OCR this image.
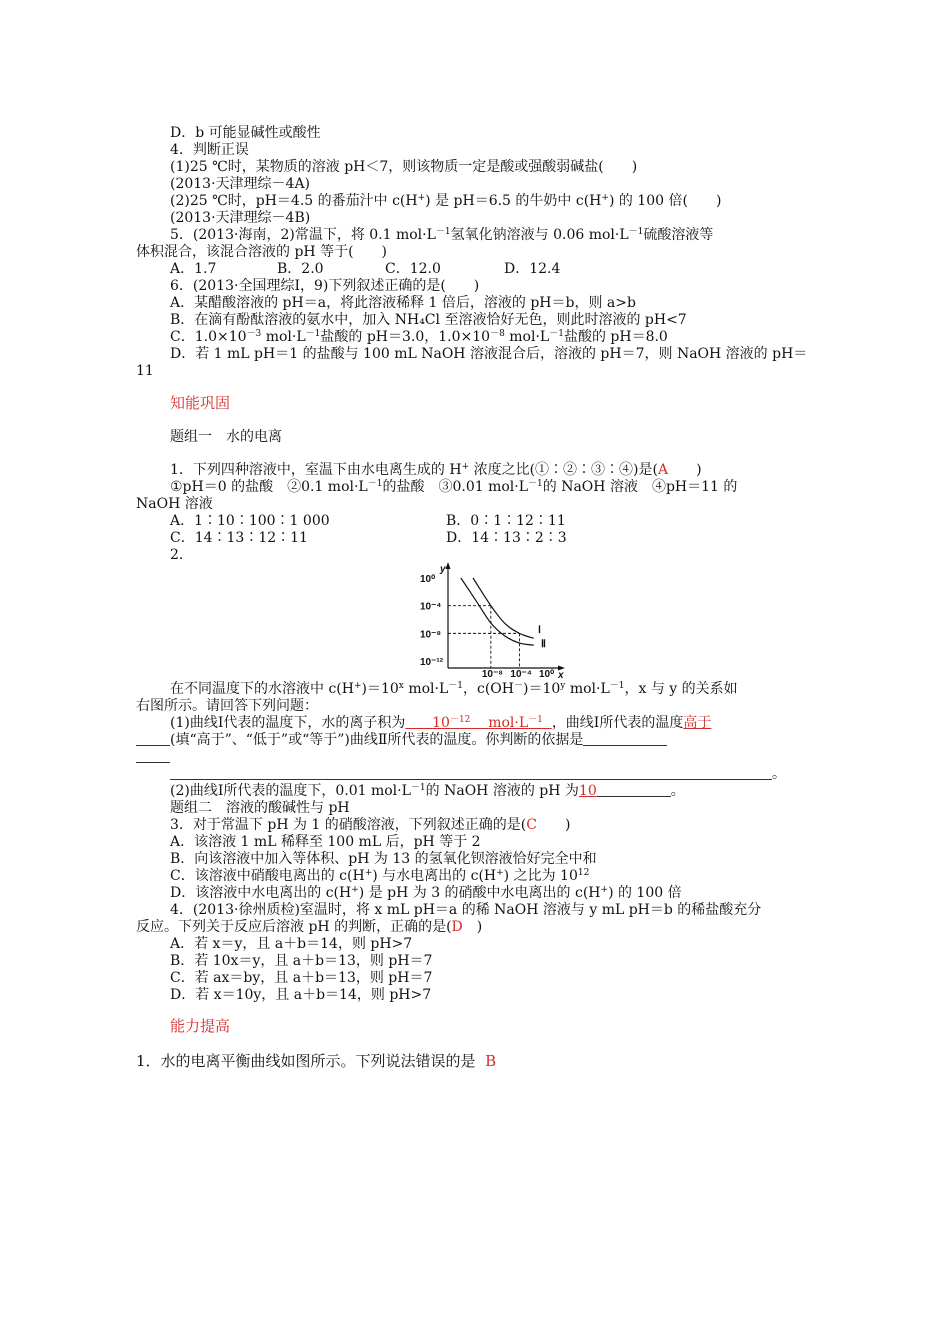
D．b 可能显碱性或酸性
4．判断正误
(1)25 ℃时，某物质的溶液 pH＜7，则该物质一定是酸或强酸弱碱盐(　　)
(2013·天津理综－4A)
(2)25 ℃时，pH＝4.5 的番茄汁中 c(H+) 是 pH＝6.5 的牛奶中 c(H+) 的 100 倍(　　)
(2013·天津理综－4B)
5．(2013·海南，2)常温下，将 0.1 $mol\cdot L^{-1}$氢氧化钠溶液与 0.06 $mol\cdot L^{-1}$硫酸溶液等
体积混合，该混合溶液的 pH 等于(　　)
A．1.7	B．2.0	C．12.0	D．12.4
6．(2013·全国理综Ⅰ，9)下列叙述正确的是(　　)
A．某醋酸溶液的 pH＝a，将此溶液稀释 1 倍后，溶液的 pH＝b，则 a>b
B．在滴有酚酞溶液的氨水中，加入 NH₄Cl 至溶液恰好无色，则此时溶液的 pH<7
C．$1.0\times 10^{-3}$ $mol\cdot L^{-1}$盐酸的 pH＝3.0，$1.0\times 10^{-8}$ $mol\cdot L^{-1}$盐酸的 pH＝8.0
D．若 1 mL pH＝1 的盐酸与 100 mL NaOH 溶液混合后，溶液的 pH＝7，则 NaOH 溶液的 pH＝
11
知能巩固
题组一　水的电离
1．下列四种溶液中，室温下由水电离生成的 H+ 浓度之比(①∶②∶③∶④)是(A　　)
①pH＝0 的盐酸　②0.1 $mol\cdot L^{-1}$的盐酸　③0.01 $mol\cdot L^{-1}$的 NaOH 溶液　④pH＝11 的
NaOH 溶液
A．1∶10∶100∶1 000	B．0∶1∶12∶11
C．14∶13∶12∶11	D．14∶13∶2∶3
2.
10⁰
10⁻⁴
10⁻⁸
10⁻¹²
10⁻⁸ 10⁻⁴ 10⁰
y
x
Ⅰ
Ⅱ
在不同温度下的水溶液中 $c(H^+)=10^x$ $mol\cdot L^{-1}$，$c(OH^-)=10^y$ $mol\cdot L^{-1}$，x 与 y 的关系如
右图所示。请回答下列问题：
(1)曲线Ⅰ代表的温度下，水的离子积为    $10^{-12}$   $mol\cdot L^{-1}$  ，曲线Ⅰ所代表的温度高于
(填“高于”、“低于”或“等于”)曲线Ⅱ所代表的温度。你判断的依据是
。
(2)曲线Ⅰ所代表的温度下，0.01 $mol\cdot L^{-1}$的 NaOH 溶液的 pH 为10	。
题组二　溶液的酸碱性与 pH
3．对于常温下 pH 为 1 的硝酸溶液，下列叙述正确的是(C　　)
A．该溶液 1 mL 稀释至 100 mL 后，pH 等于 2
B．向该溶液中加入等体积、pH 为 13 的氢氧化钡溶液恰好完全中和
C．该溶液中硝酸电离出的 c(H+) 与水电离出的 c(H+) 之比为 $10^{12}$
D．该溶液中水电离出的 c(H+) 是 pH 为 3 的硝酸中水电离出的 c(H+) 的 100 倍
4．(2013·徐州质检)室温时，将 x mL pH＝a 的稀 NaOH 溶液与 y mL pH＝b 的稀盐酸充分
反应。下列关于反应后溶液 pH 的判断，正确的是(D　)
A．若 x＝y，且 a＋b＝14，则 pH>7
B．若 10x＝y，且 a＋b＝13，则 pH＝7
C．若 ax＝by，且 a＋b＝13，则 pH＝7
D．若 x＝10y，且 a＋b＝14，则 pH>7
能力提高
1．水的电离平衡曲线如图所示。下列说法错误的是  B
